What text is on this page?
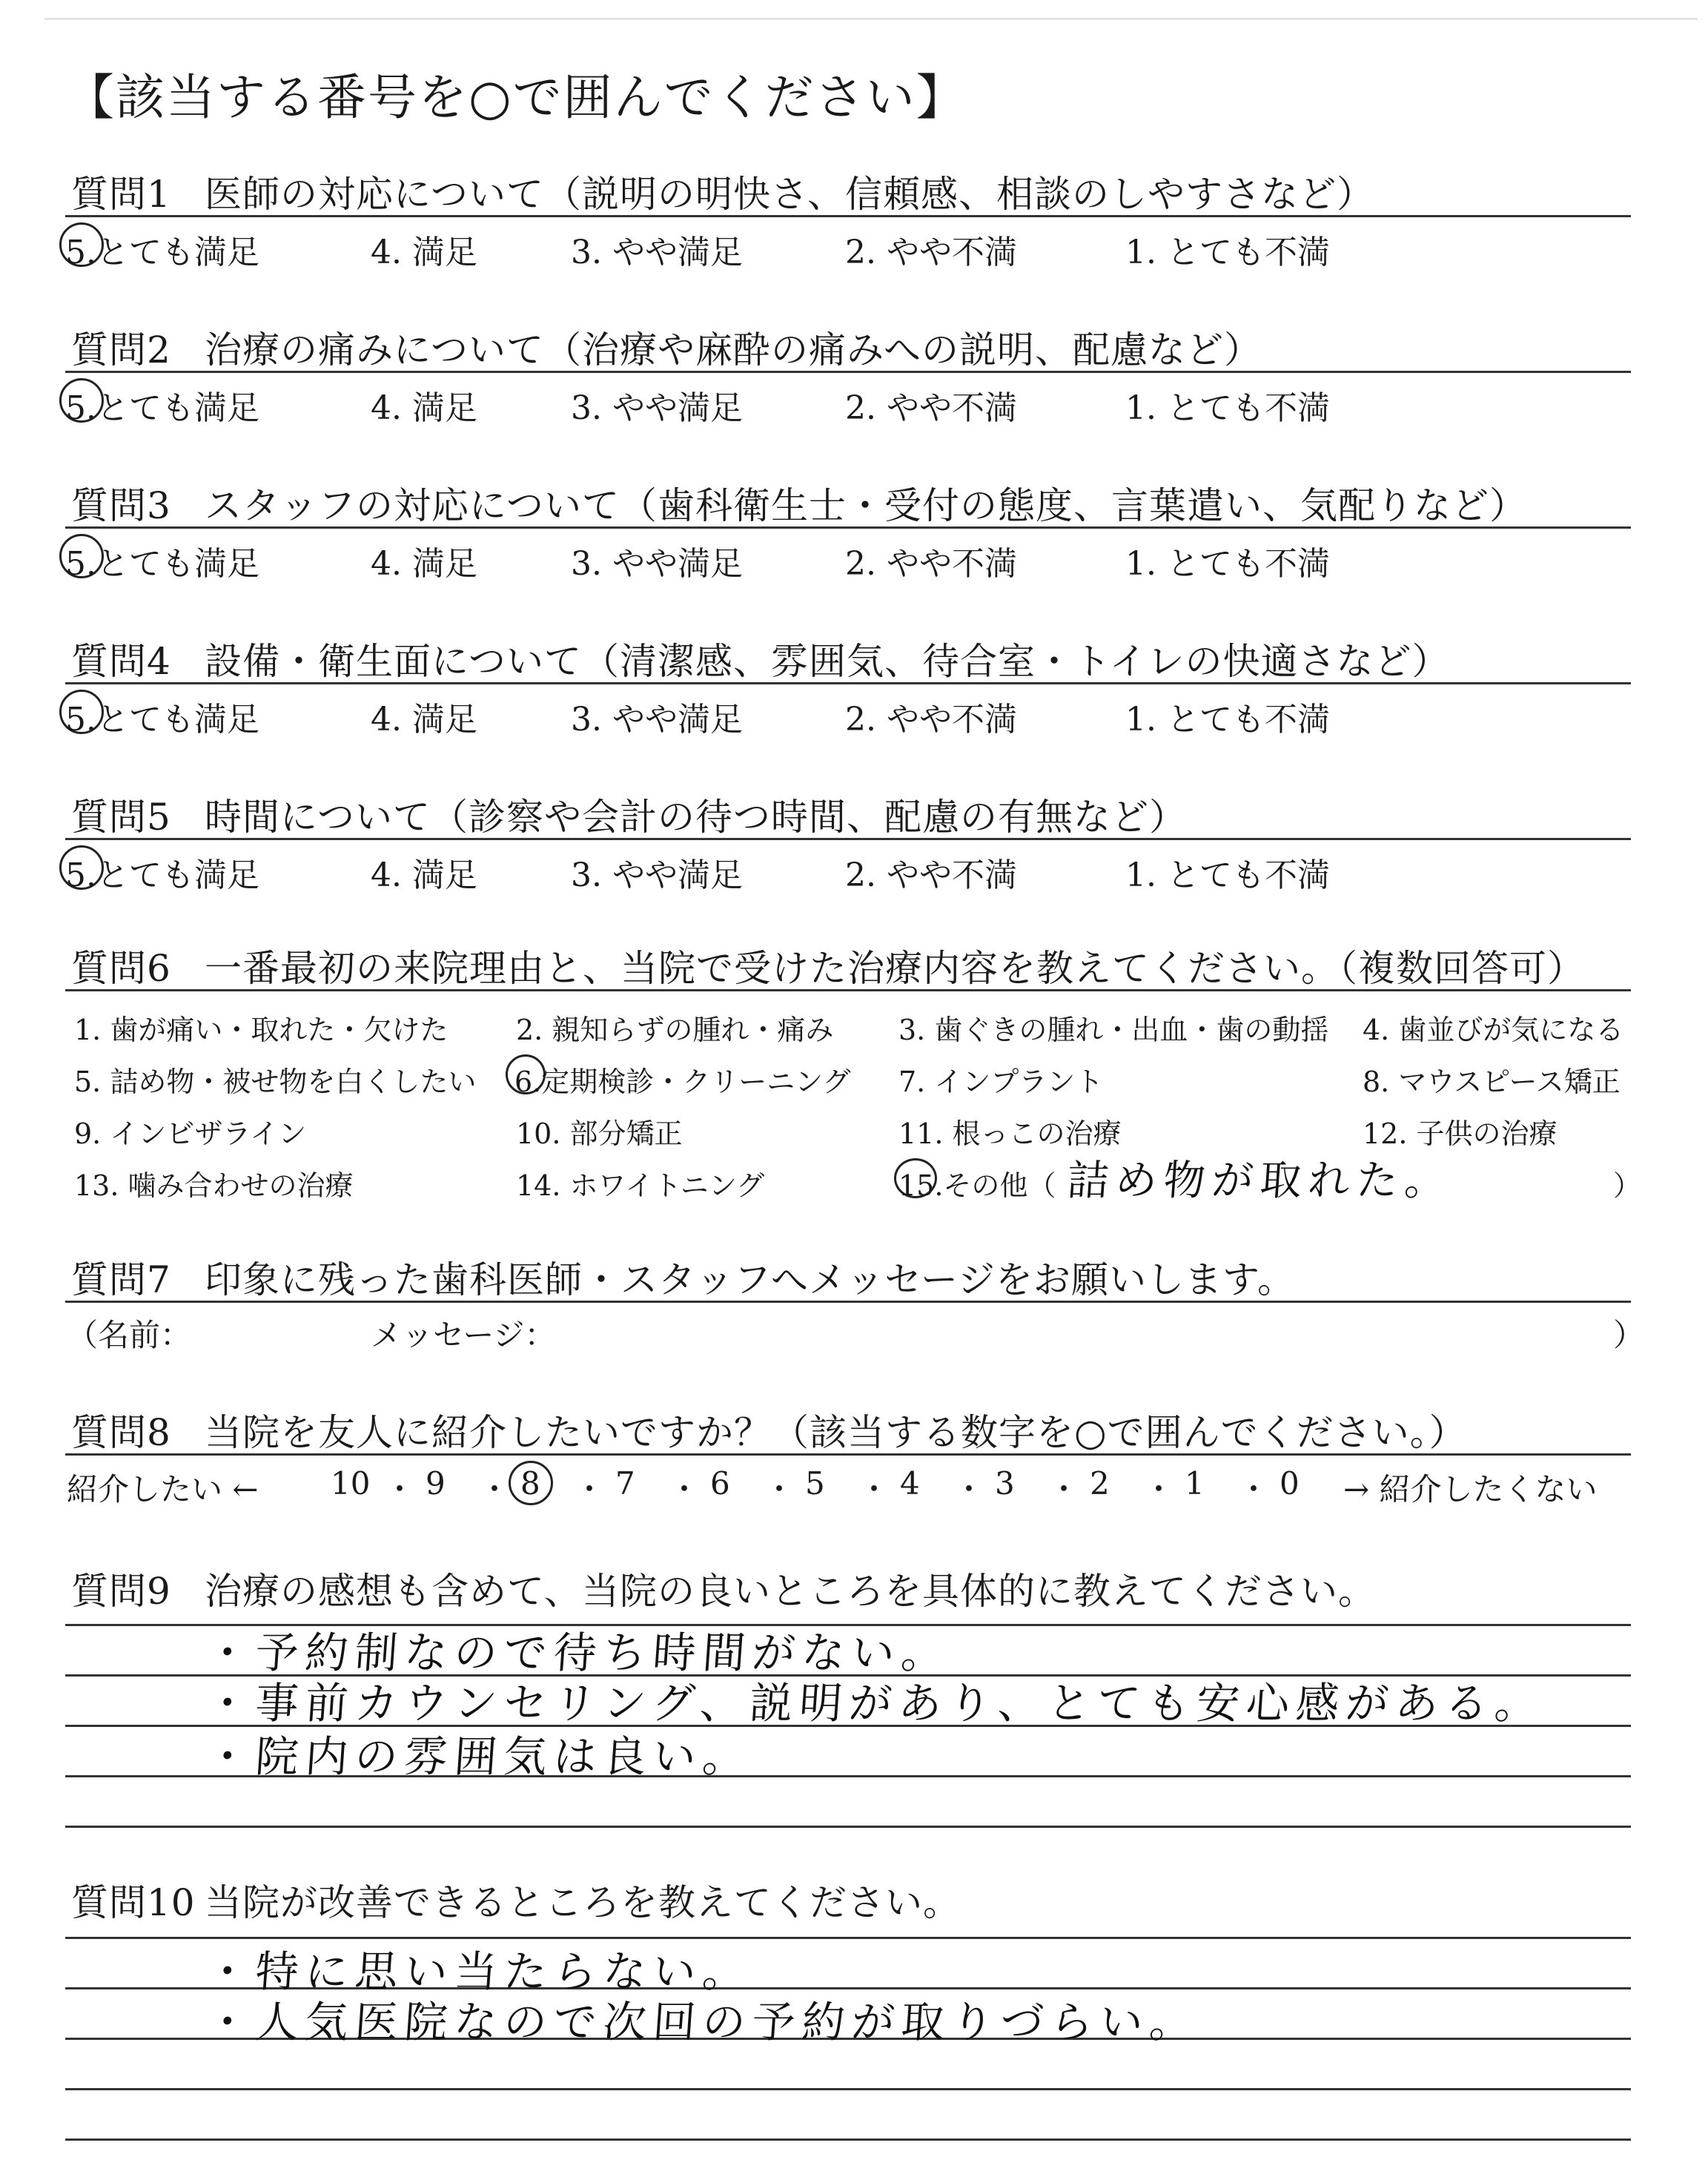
【該当する番号を○で囲んでください】
質問1 医師の対応について（説明の明快さ、信頼感、相談のしやすさなど）
5.とても満足	4. 満足	3. やや満足	2. やや不満	1. とても不満
質問2 治療の痛みについて（治療や麻酔の痛みへの説明、配慮など）
5.とても満足	4. 満足	3. やや満足	2. やや不満	1. とても不満
質問3 スタッフの対応について（歯科衛生士・受付の態度、言葉遣い、気配りなど）
5.とても満足	4. 満足	3. やや満足	2. やや不満	1. とても不満
質問4 設備・衛生面について（清潔感、雰囲気、待合室・トイレの快適さなど）
5.とても満足	4. 満足	3. やや満足	2. やや不満	1. とても不満
質問5 時間について（診察や会計の待つ時間、配慮の有無など）
5.とても満足	4. 満足	3. やや満足	2. やや不満	1. とても不満
質問6 一番最初の来院理由と、当院で受けた治療内容を教えてください。（複数回答可）
1. 歯が痛い・取れた・欠けた 2. 親知らずの腫れ・痛み 3. 歯ぐきの腫れ・出血・歯の動揺 4. 歯並びが気になる
5. 詰め物・被せ物を白くしたい 6.定期検診・クリーニング 7. インプラント	8. マウスピース矯正
9. インビザライン	10. 部分矯正	11. 根っこの治療	12. 子供の治療
13. 噛み合わせの治療	14. ホワイトニング	15.その他（ 詰め物が取れた。	）
質問7 印象に残った歯科医師・スタッフへメッセージをお願いします。
（名前：	メッセージ：	）
質問8 当院を友人に紹介したいですか？（該当する数字を○で囲んでください。）
紹介したい ← 10 ・ 9 ・ 8 ・ 7 ・ 6 ・ 5 ・ 4 ・ 3 ・ 2 ・ 1 ・ 0 → 紹介したくない
質問9 治療の感想も含めて、当院の良いところを具体的に教えてください。
・予約制なので待ち時間がない。
・事前カウンセリング、説明があり、とても安心感がある。
・院内の雰囲気は良い。
質問10 当院が改善できるところを教えてください。
・特に思い当たらない。
・人気医院なので次回の予約が取りづらい。
